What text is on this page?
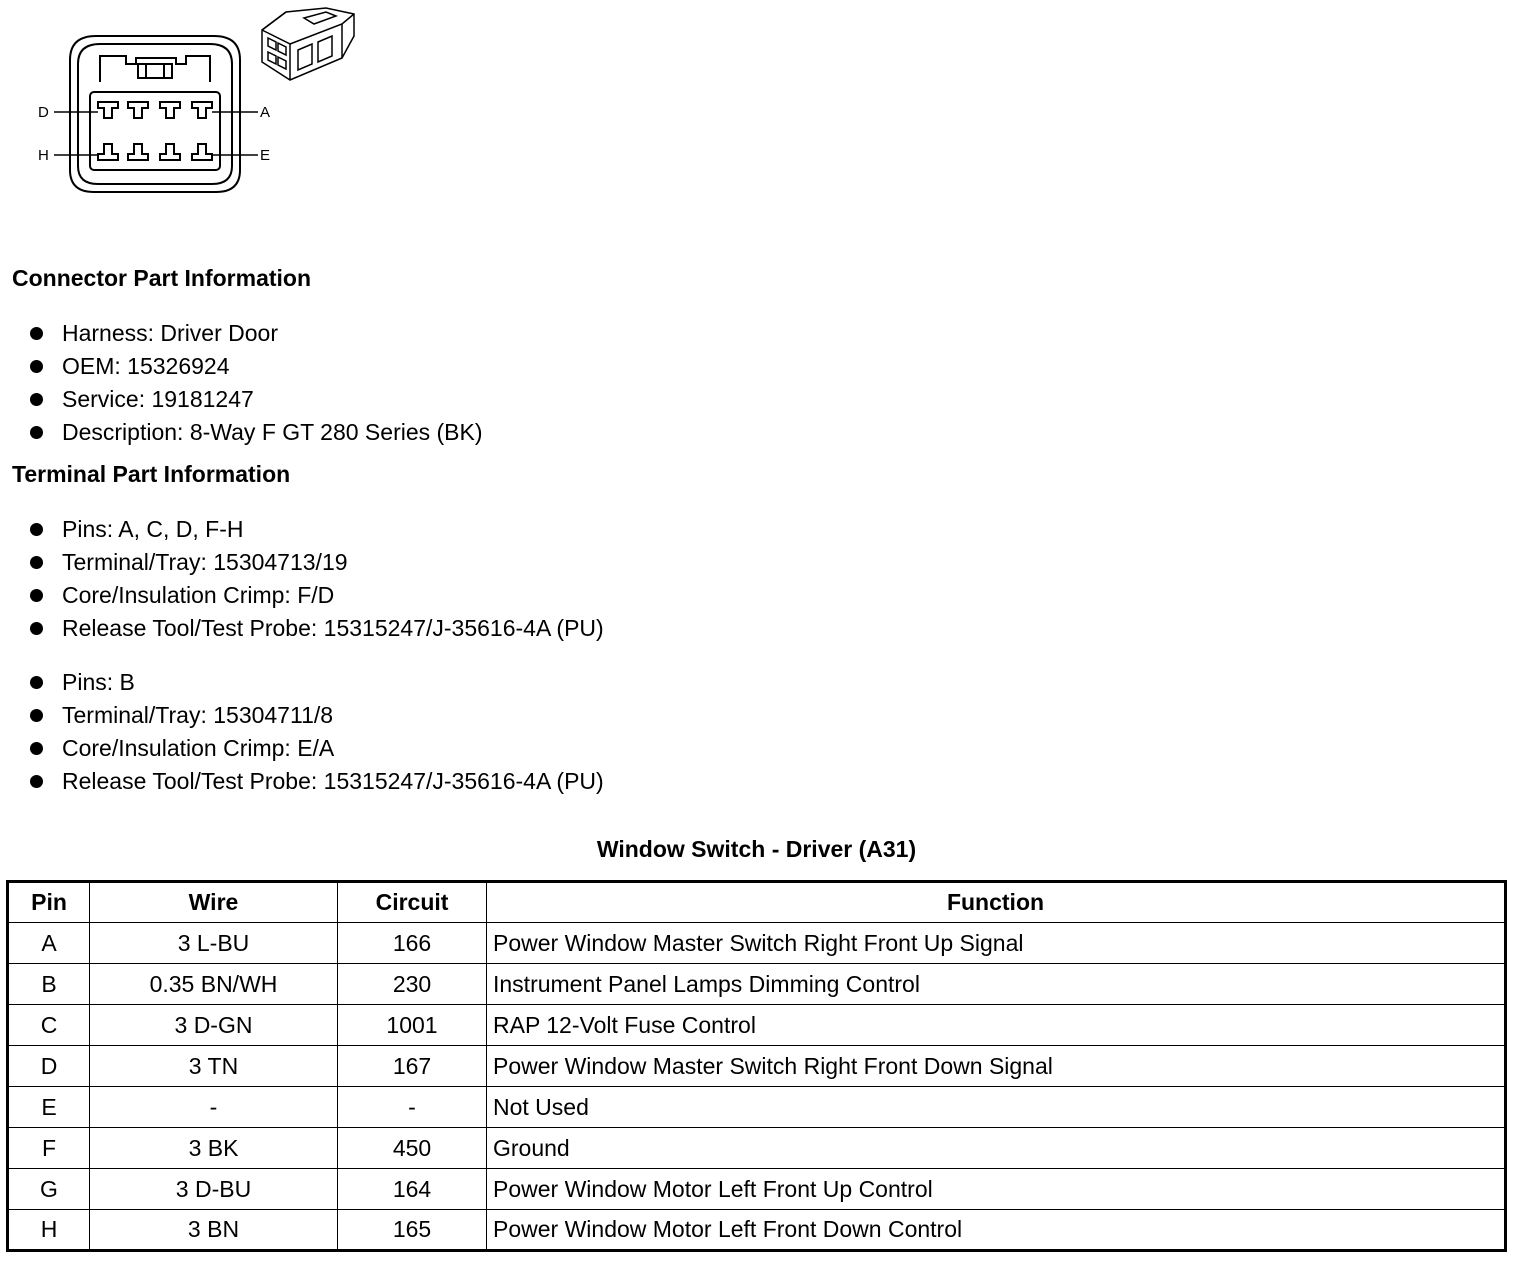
D	A
H	E
Connector Part Information
Harness: Driver Door
OEM: 15326924
Service: 19181247
Description: 8-Way F GT 280 Series (BK)
Terminal Part Information
Pins: A, C, D, F-H
Terminal/Tray: 15304713/19
Core/Insulation Crimp: F/D
Release Tool/Test Probe: 15315247/J-35616-4A (PU)
Pins: B
Terminal/Tray: 15304711/8
Core/Insulation Crimp: E/A
Release Tool/Test Probe: 15315247/J-35616-4A (PU)
Window Switch - Driver (A31)
Pin	Wire	Circuit	Function
A	3 L-BU	166	Power Window Master Switch Right Front Up Signal
B	0.35 BN/WH	230	Instrument Panel Lamps Dimming Control
C	3 D-GN	1001	RAP 12-Volt Fuse Control
D	3 TN	167	Power Window Master Switch Right Front Down Signal
E	-	-	Not Used
F	3 BK	450	Ground
G	3 D-BU	164	Power Window Motor Left Front Up Control
H	3 BN	165	Power Window Motor Left Front Down Control
